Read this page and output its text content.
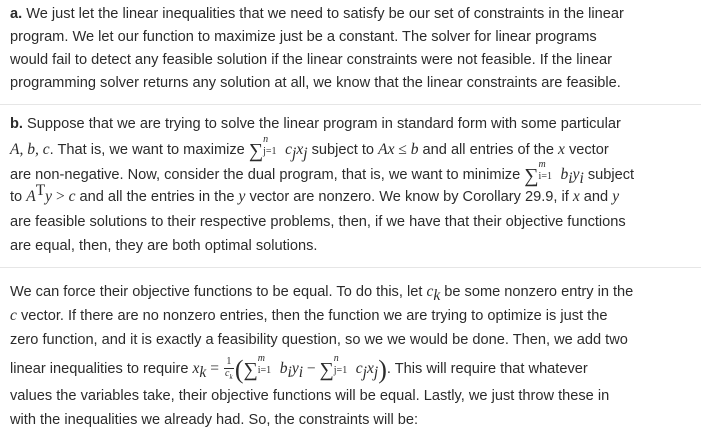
a. We just let the linear inequalities that we need to satisfy be our set of constraints in the linear
program. We let our function to maximize just be a constant. The solver for linear programs
would fail to detect any feasible solution if the linear constraints were not feasible. If the linear
programming solver returns any solution at all, we know that the linear constraints are feasible.
b. Suppose that we are trying to solve the linear program in standard form with some particular
A, b, c. That is, we want to maximize ∑
n
j=1 $c_jx_j$ subject to Ax ≤ b and all entries of the x vector
are non-negative. Now, consider the dual program, that is, we want to minimize ∑
m
i=1 $b_iy_i$ subject
to $A^Ty > c$ and all the entries in the y vector are nonzero. We know by Corollary 29.9, if x and y
are feasible solutions to their respective problems, then, if we have that their objective functions
are equal, then, they are both optimal solutions.
We can force their objective functions to be equal. To do this, let $c_k$ be some nonzero entry in the
c vector. If there are no nonzero entries, then the function we are trying to optimize is just the
zero function, and it is exactly a feasibility question, so we we would be done. Then, we add two
linear inequalities to require $x_k = \frac{1}{c_k}$ (∑
m
i=1 $b_iy_i$ − ∑
n
j=1 $c_jx_j$). This will require that whatever
values the variables take, their objective functions will be equal. Lastly, we just throw these in
with the inequalities we already had. So, the constraints will be:
